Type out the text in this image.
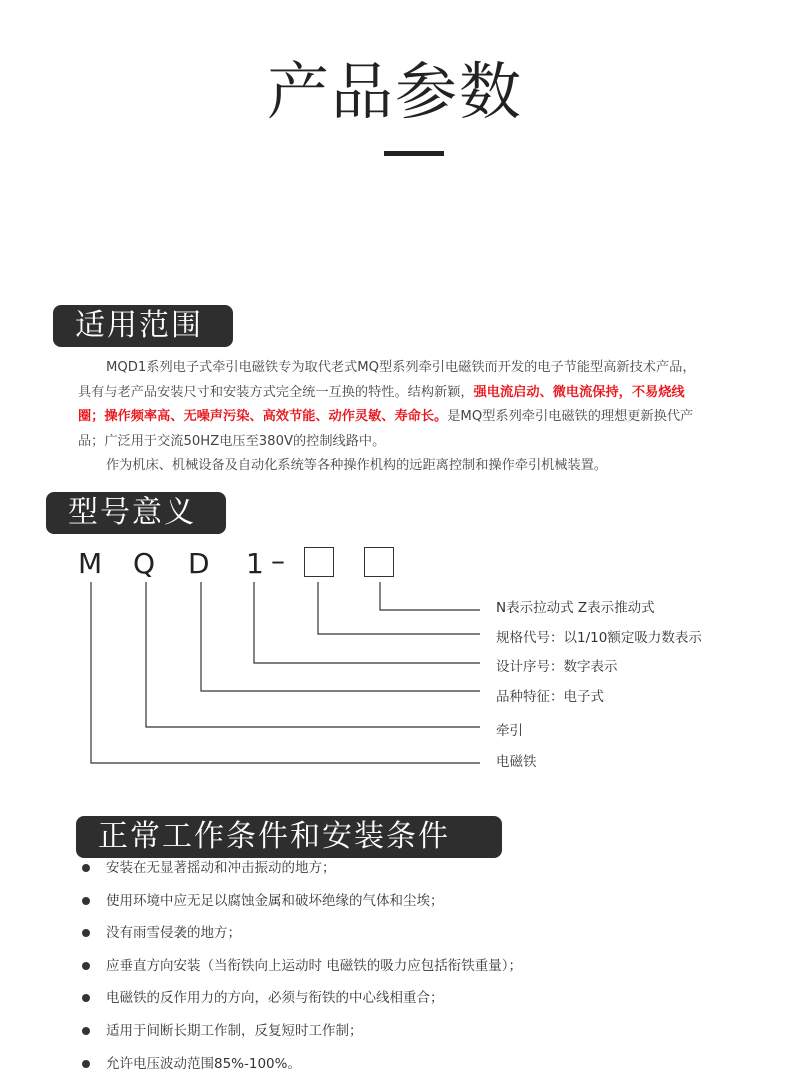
产品参数
适用范围
MQD1系列电子式牵引电磁铁专为取代老式MQ型系列牵引电磁铁而开发的电子节能型高新技术产品，具有与老产品安装尺寸和安装方式完全统一互换的特性。结构新颖，强电流启动、微电流保持，不易烧线圈；操作频率高、无噪声污染、高效节能、动作灵敏、寿命长。是MQ型系列牵引电磁铁的理想更新换代产品；广泛用于交流50HZ电压至380V的控制线路中。
作为机床、机械设备及自动化系统等各种操作机构的远距离控制和操作牵引机械装置。
型号意义
M Q D 1 –
N表示拉动式 Z表示推动式
规格代号：以1/10额定吸力数表示
设计序号：数字表示
品种特征：电子式
牵引
电磁铁
正常工作条件和安装条件
安装在无显著摇动和冲击振动的地方；
使用环境中应无足以腐蚀金属和破坏绝缘的气体和尘埃；
没有雨雪侵袭的地方；
应垂直方向安装（当衔铁向上运动时 电磁铁的吸力应包括衔铁重量）；
电磁铁的反作用力的方向，必须与衔铁的中心线相重合；
适用于间断长期工作制，反复短时工作制；
允许电压波动范围85%-100%。
